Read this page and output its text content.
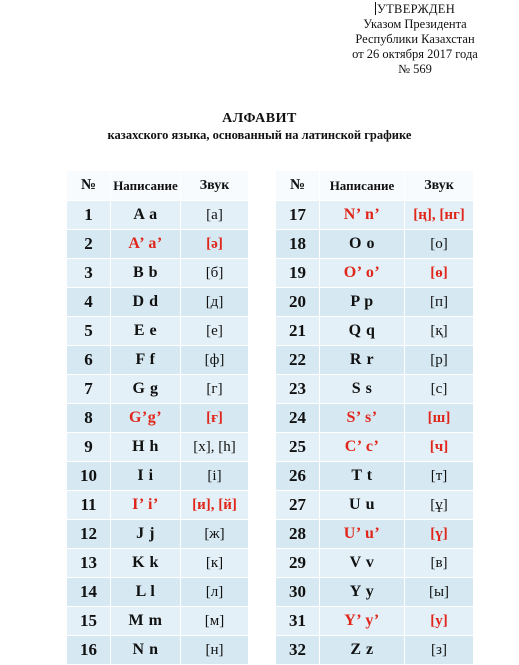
УТВЕРЖДЕН
Указом Президента
Республики Казахстан
от 26 октября 2017 года
№ 569
АЛФАВИТ
казахского языка, основанный на латинской графике
№	Написание	Звук
1	A a	[а]
2	A’ a’	[ә]
3	B b	[б]
4	D d	[д]
5	E e	[е]
6	F f	[ф]
7	G g	[г]
8	G’g’	[ғ]
9	H h	[х], [h]
10	I i	[і]
11	I’ i’	[и], [й]
12	J j	[ж]
13	K k	[к]
14	L l	[л]
15	M m	[м]
16	N n	[н]
№	Написание	Звук
17	N’ n’	[ң], [нг]
18	O o	[о]
19	O’ o’	[ө]
20	P p	[п]
21	Q q	[қ]
22	R r	[р]
23	S s	[с]
24	S’ s’	[ш]
25	C’ c’	[ч]
26	T t	[т]
27	U u	[ұ]
28	U’ u’	[ү]
29	V v	[в]
30	Y y	[ы]
31	Y’ y’	[у]
32	Z z	[з]
